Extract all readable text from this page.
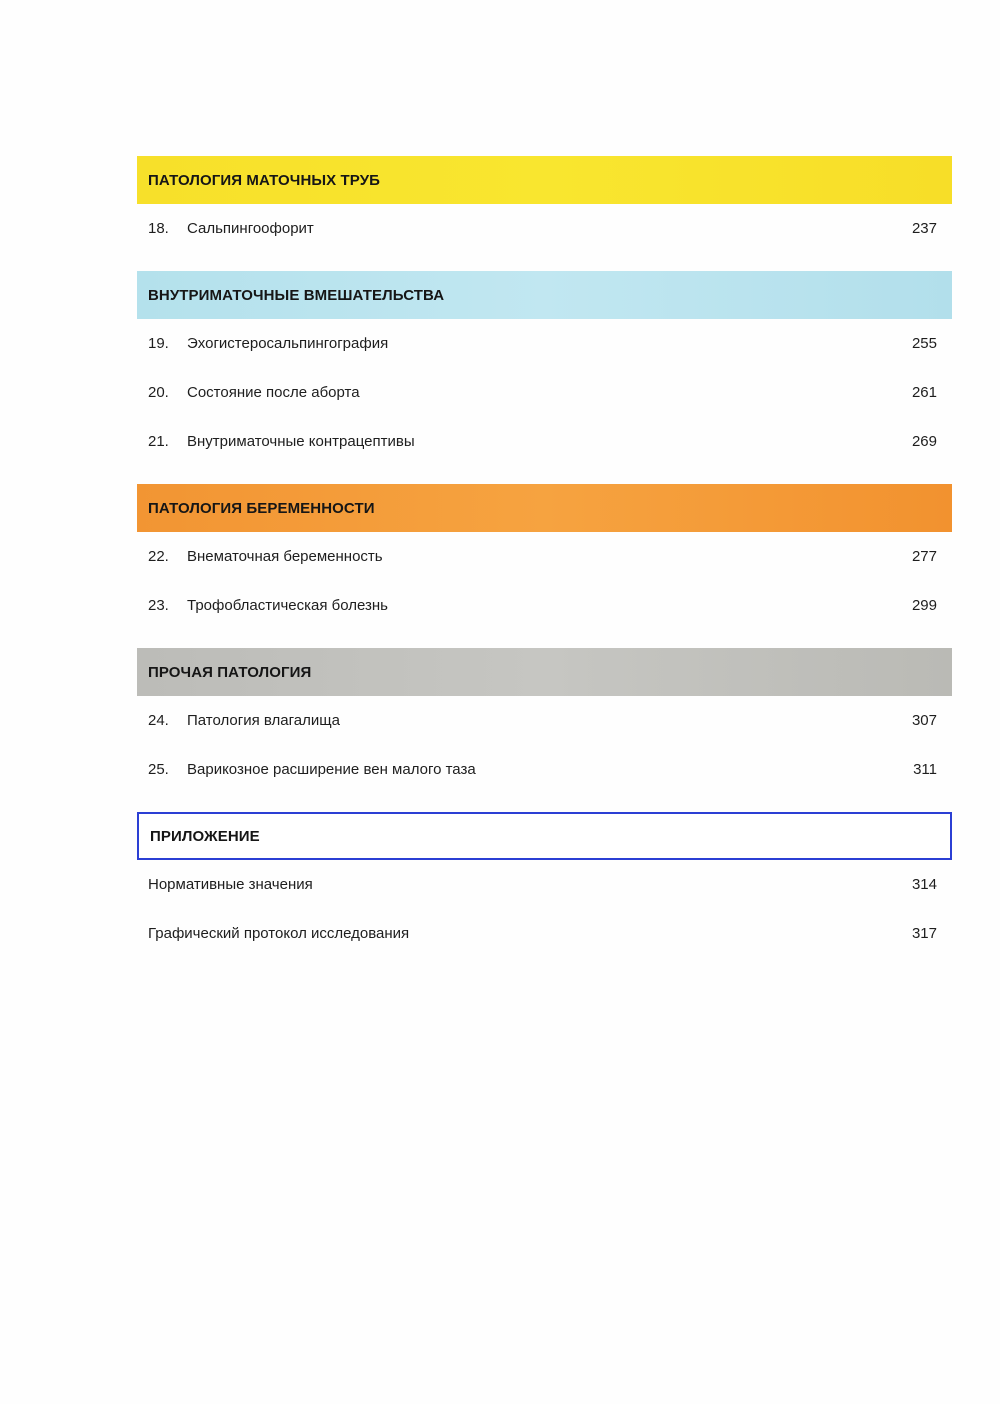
ПАТОЛОГИЯ МАТОЧНЫХ ТРУБ
18.	Сальпингоофорит	237
ВНУТРИМАТОЧНЫЕ ВМЕШАТЕЛЬСТВА
19.	Эхогистеросальпингография	255
20.	Состояние после аборта	261
21.	Внутриматочные контрацептивы	269
ПАТОЛОГИЯ БЕРЕМЕННОСТИ
22.	Внематочная беременность	277
23.	Трофобластическая болезнь	299
ПРОЧАЯ ПАТОЛОГИЯ
24.	Патология влагалища	307
25.	Варикозное расширение вен малого таза	311
ПРИЛОЖЕНИЕ
Нормативные значения	314
Графический протокол исследования	317
